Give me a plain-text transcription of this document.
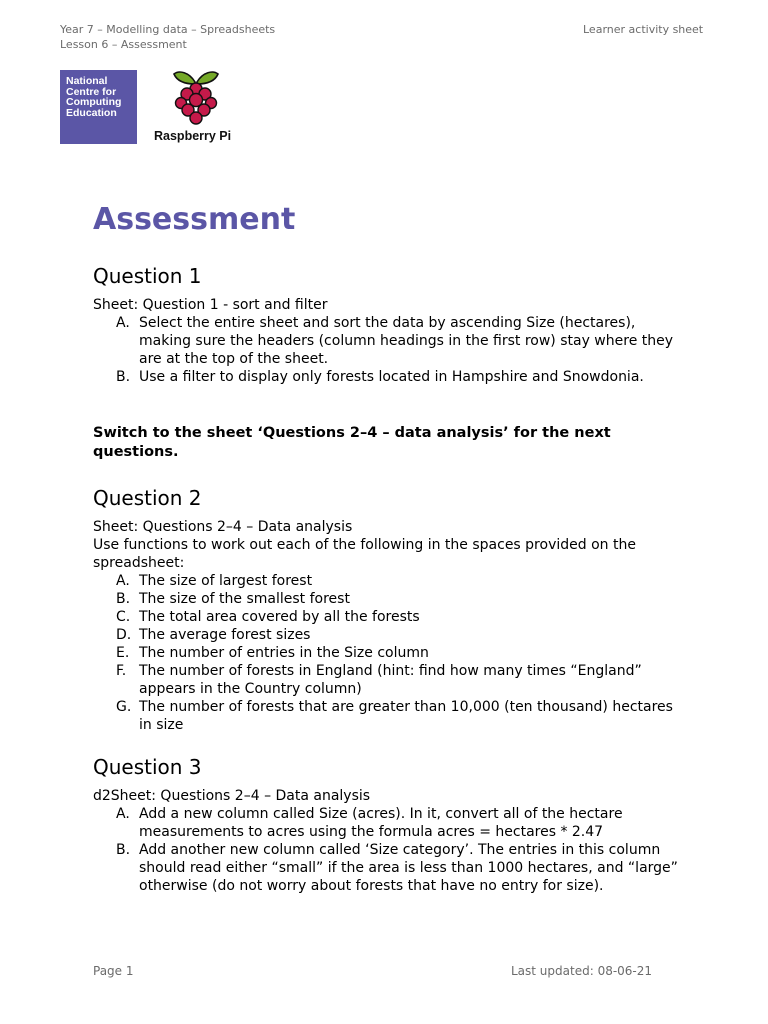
Year 7 – Modelling data – Spreadsheets
Lesson 6 – Assessment
Learner activity sheet
National
Centre for
Computing
Education
Raspberry Pi
Assessment
Question 1

Sheet: Question 1 - sort and filter

A. Select the entire sheet and sort the data by ascending Size (hectares), making sure the headers (column headings in the first row) stay where they are at the top of the sheet.
B. Use a filter to display only forests located in Hampshire and Snowdonia.

Switch to the sheet ‘Questions 2–4 – data analysis’ for the next questions.

Question 2

Sheet: Questions 2–4 – Data analysis

Use functions to work out each of the following in the spaces provided on the spreadsheet:

A. The size of largest forest
B. The size of the smallest forest
C. The total area covered by all the forests
D. The average forest sizes
E. The number of entries in the Size column
F. The number of forests in England (hint: find how many times “England” appears in the Country column)
G. The number of forests that are greater than 10,000 (ten thousand) hectares in size
Question 3

d2Sheet: Questions 2–4 – Data analysis

A. Add a new column called Size (acres). In it, convert all of the hectare measurements to acres using the formula acres = hectares * 2.47
B. Add another new column called ‘Size category’. The entries in this column should read either “small” if the area is less than 1000 hectares, and “large” otherwise (do not worry about forests that have no entry for size).
Page 1	Last updated: 08-06-21
